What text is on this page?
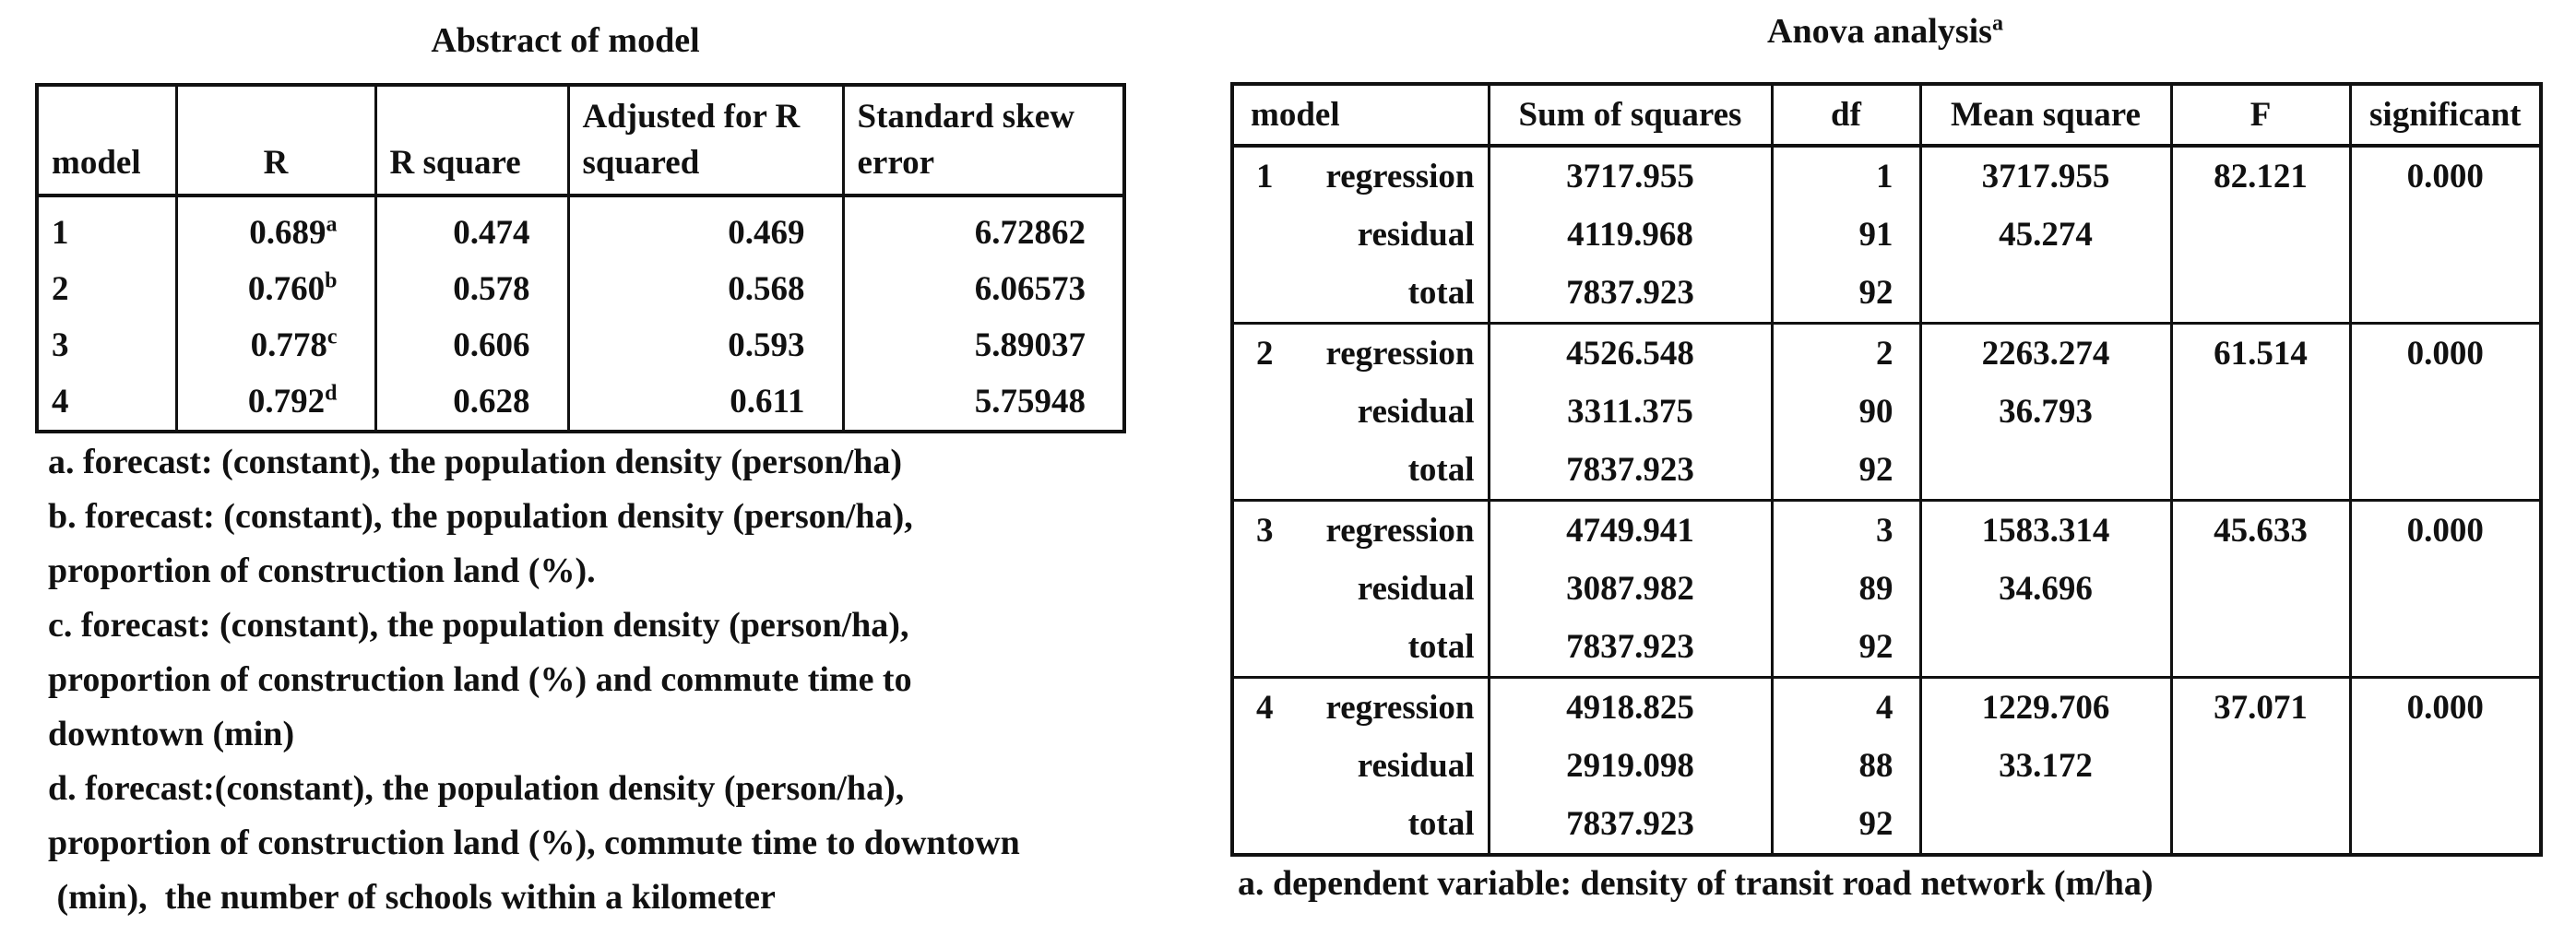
Abstract of model	Anova analysis$^a$
model	R	R square	Adjusted for R squared	Standard skew error
1	0.689$^a$	0.474	0.469	6.72862
2	0.760$^b$	0.578	0.568	6.06573
3	0.778$^c$	0.606	0.593	5.89037
4	0.792$^d$	0.628	0.611	5.75948
a. forecast: (constant), the population density (person/ha)
b. forecast: (constant), the population density (person/ha),
proportion of construction land (%).
c. forecast: (constant), the population density (person/ha),
proportion of construction land (%) and commute time to
downtown (min)
d. forecast:(constant), the population density (person/ha),
proportion of construction land (%), commute time to downtown
(min),  the number of schools within a kilometer
model	Sum of squares	df	Mean square	F	significant

1 regression	3717.955	1	3717.955	82.121	0.000
residual	4119.968	91	45.274		
total	7837.923	92			

2 regression	4526.548	2	2263.274	61.514	0.000
residual	3311.375	90	36.793		
total	7837.923	92			

3 regression	4749.941	3	1583.314	45.633	0.000
residual	3087.982	89	34.696		
total	7837.923	92			

4 regression	4918.825	4	1229.706	37.071	0.000
residual	2919.098	88	33.172		
total	7837.923	92			
a. dependent variable: density of transit road network (m/ha)
